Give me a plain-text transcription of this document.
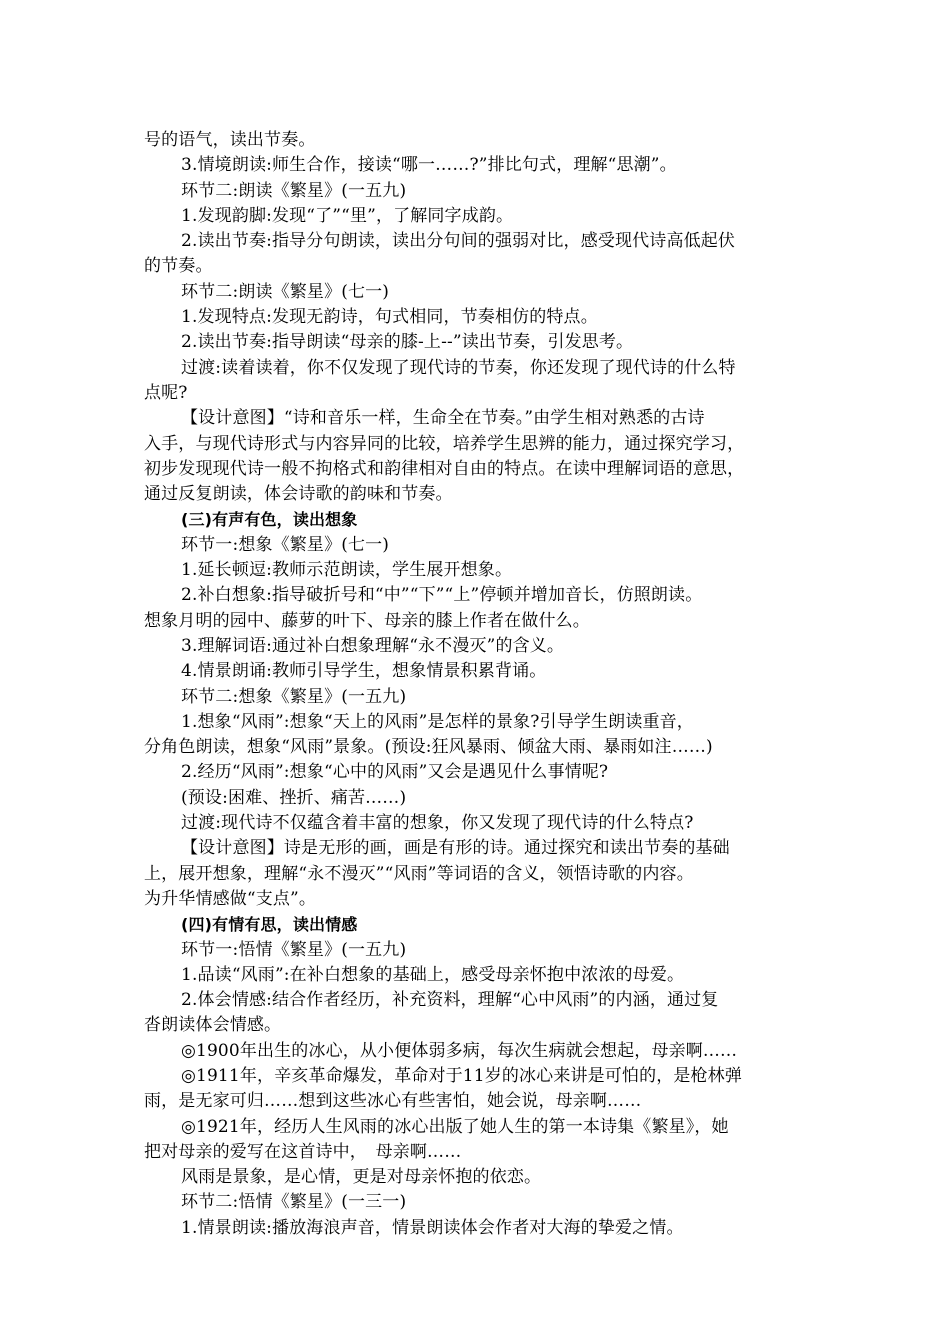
号的语气，读出节奏。
3.情境朗读:师生合作，接读“哪一……?”排比句式，理解“思潮”。
环节二:朗读《繁星》(一五九)
1.发现韵脚:发现“了”“里”，了解同字成韵。
2.读出节奏:指导分句朗读，读出分句间的强弱对比，感受现代诗高低起伏
的节奏。
环节二:朗读《繁星》(七一)
1.发现特点:发现无韵诗，句式相同，节奏相仿的特点。
2.读出节奏:指导朗读“母亲的膝-上--”读出节奏，引发思考。
过渡:读着读着，你不仅发现了现代诗的节奏，你还发现了现代诗的什么特
点呢?
【设计意图】“诗和音乐一样，生命全在节奏。”由学生相对熟悉的古诗
入手，与现代诗形式与内容异同的比较，培养学生思辨的能力，通过探究学习，
初步发现现代诗一般不拘格式和韵律相对自由的特点。在读中理解词语的意思，
通过反复朗读，体会诗歌的韵味和节奏。
(三)有声有色，读出想象
环节一:想象《繁星》(七一)
1.延长顿逗:教师示范朗读，学生展开想象。
2.补白想象:指导破折号和“中”“下”“上”停顿并增加音长，仿照朗读。
想象月明的园中、藤萝的叶下、母亲的膝上作者在做什么。
3.理解词语:通过补白想象理解“永不漫灭”的含义。
4.情景朗诵:教师引导学生，想象情景积累背诵。
环节二:想象《繁星》(一五九)
1.想象“风雨”:想象“天上的风雨”是怎样的景象?引导学生朗读重音，
分角色朗读，想象“风雨”景象。(预设:狂风暴雨、倾盆大雨、暴雨如注……)
2.经历“风雨”:想象“心中的风雨”又会是遇见什么事情呢?
(预设:困难、挫折、痛苦……)
过渡:现代诗不仅蕴含着丰富的想象，你又发现了现代诗的什么特点?
【设计意图】诗是无形的画，画是有形的诗。通过探究和读出节奏的基础
上，展开想象，理解“永不漫灭”“风雨”等词语的含义，领悟诗歌的内容。
为升华情感做“支点”。
(四)有情有思，读出情感
环节一:悟情《繁星》(一五九)
1.品读“风雨”:在补白想象的基础上，感受母亲怀抱中浓浓的母爱。
2.体会情感:结合作者经历，补充资料，理解“心中风雨”的内涵，通过复
沓朗读体会情感。
◎1900年出生的冰心，从小便体弱多病，每次生病就会想起，母亲啊……
◎1911年，辛亥革命爆发，革命对于11岁的冰心来讲是可怕的，是枪林弹
雨，是无家可归……想到这些冰心有些害怕，她会说，母亲啊……
◎1921年，经历人生风雨的冰心出版了她人生的第一本诗集《繁星》，她
把对母亲的爱写在这首诗中，　母亲啊……
风雨是景象，是心情，更是对母亲怀抱的依恋。
环节二:悟情《繁星》(一三一)
1.情景朗读:播放海浪声音，情景朗读体会作者对大海的挚爱之情。
